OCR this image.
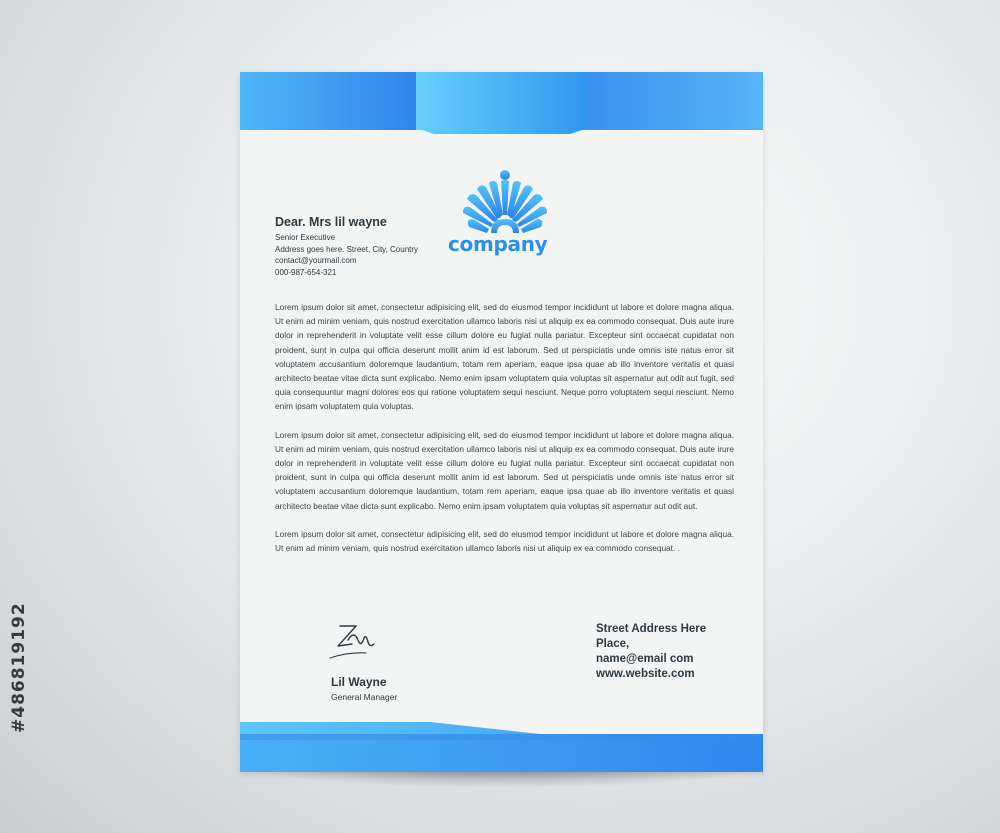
#486819192
company
Dear. Mrs lil wayne
Senior Executive
Address goes here. Street, City, Country
contact@yourmail.com
000-987-654-321

Lorem ipsum dolor sit amet, consectetur adipisicing elit, sed do eiusmod tempor incididunt ut labore et dolore magna aliqua. Ut enim ad minim veniam, quis nostrud exercitation ullamco laboris nisi ut aliquip ex ea commodo consequat. Duis aute irure dolor in reprehenderit in voluptate velit esse cillum dolore eu fugiat nulla pariatur. Excepteur sint occaecat cupidatat non proident, sunt in culpa qui officia deserunt mollit anim id est laborum. Sed ut perspiciatis unde omnis iste natus error sit voluptatem accusantium doloremque laudantium, totam rem aperiam, eaque ipsa quae ab illo inventore veritatis et quasi architecto beatae vitae dicta sunt explicabo. Nemo enim ipsam voluptatem quia voluptas sit aspernatur aut odit aut fugit, sed quia consequuntur magni dolores eos qui ratione voluptatem sequi nesciunt. Neque porro voluptatem sequi nesciunt. Nemo enim ipsam voluptatem quia voluptas.

Lorem ipsum dolor sit amet, consectetur adipisicing elit, sed do eiusmod tempor incididunt ut labore et dolore magna aliqua. Ut enim ad minim veniam, quis nostrud exercitation ullamco laboris nisi ut aliquip ex ea commodo consequat. Duis aute irure dolor in reprehenderit in voluptate velit esse cillum dolore eu fugiat nulla pariatur. Excepteur sint occaecat cupidatat non proident, sunt in culpa qui officia deserunt mollit anim id est laborum. Sed ut perspiciatis unde omnis iste natus error sit voluptatem accusantium doloremque laudantium, totam rem aperiam, eaque ipsa quae ab illo inventore veritatis et quasi architecto beatae vitae dicta sunt explicabo. Nemo enim ipsam voluptatem quia voluptas sit aspernatur aut odit aut.

Lorem ipsum dolor sit amet, consectetur adipisicing elit, sed do eiusmod tempor incididunt ut labore et dolore magna aliqua. Ut enim ad minim veniam, quis nostrud exercitation ullamco laboris nisi ut aliquip ex ea commodo consequat. .

Lil Wayne
General Manager
Street Address Here
Place,
name@email com
www.website.com
